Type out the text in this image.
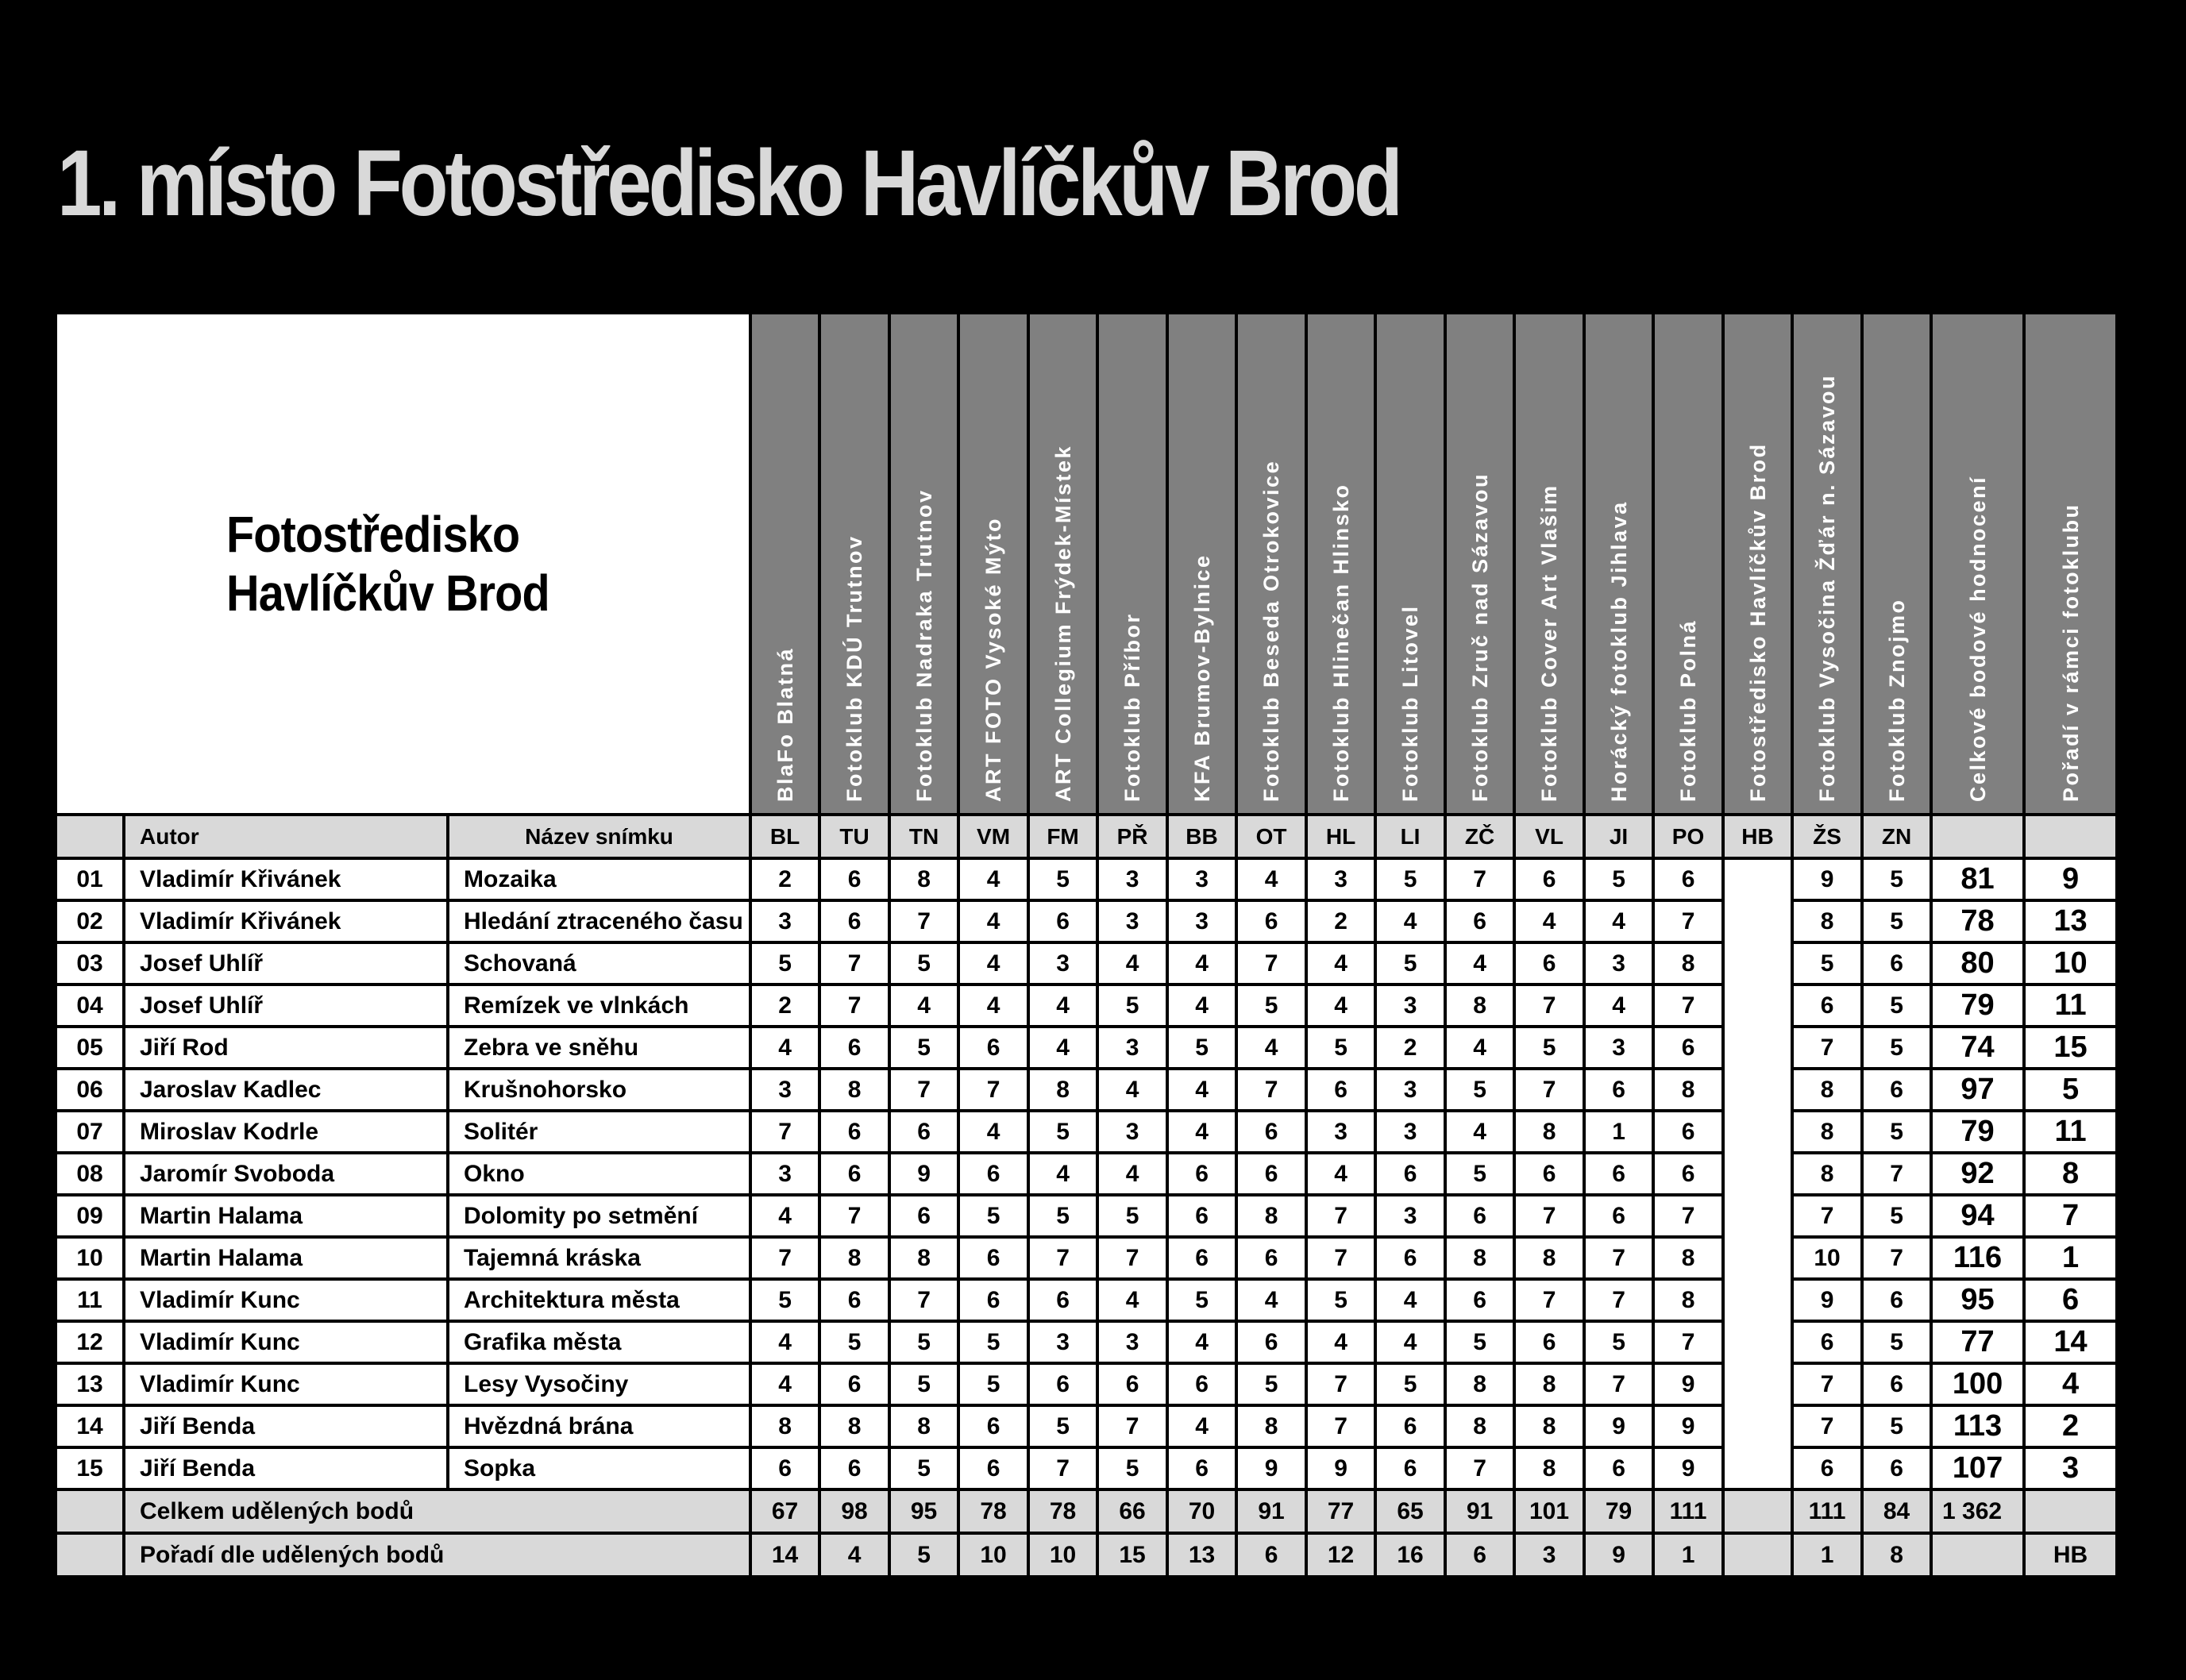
1. místo Fotostředisko Havlíčkův Brod
Fotostředisko
Havlíčkův Brod			BlaFo Blatná	Fotoklub KDÚ Trutnov	Fotoklub Nadraka Trutnov	ART FOTO Vysoké Mýto	ART Collegium Frýdek-Místek	Fotoklub Příbor	KFA Brumov-Bylnice	Fotoklub Beseda Otrokovice	Fotoklub Hlinečan Hlinsko	Fotoklub Litovel	Fotoklub Zruč nad Sázavou	Fotoklub Cover Art Vlašim	Horácký fotoklub Jihlava	Fotoklub Polná	Fotostředisko Havlíčkův Brod	Fotoklub Vysočina Žďár n. Sázavou	Fotoklub Znojmo	Celkové bodové hodnocení	Pořadí v rámci fotoklubu

	Autor	Název snímku	BL	TU	TN	VM	FM	PŘ	BB	OT	HL	LI	ZČ	VL	JI	PO	HB	ŽS	ZN		
01	Vladimír Křivánek	Mozaika	2	6	8	4	5	3	3	4	3	5	7	6	5	6		9	5	81	9
02	Vladimír Křivánek	Hledání ztraceného času	3	6	7	4	6	3	3	6	2	4	6	4	4	7		8	5	78	13
03	Josef Uhlíř	Schovaná	5	7	5	4	3	4	4	7	4	5	4	6	3	8		5	6	80	10
04	Josef Uhlíř	Remízek ve vlnkách	2	7	4	4	4	5	4	5	4	3	8	7	4	7		6	5	79	11
05	Jiří Rod	Zebra ve sněhu	4	6	5	6	4	3	5	4	5	2	4	5	3	6		7	5	74	15
06	Jaroslav Kadlec	Krušnohorsko	3	8	7	7	8	4	4	7	6	3	5	7	6	8		8	6	97	5
07	Miroslav Kodrle	Solitér	7	6	6	4	5	3	4	6	3	3	4	8	1	6		8	5	79	11
08	Jaromír Svoboda	Okno	3	6	9	6	4	4	6	6	4	6	5	6	6	6		8	7	92	8
09	Martin Halama	Dolomity po setmění	4	7	6	5	5	5	6	8	7	3	6	7	6	7		7	5	94	7
10	Martin Halama	Tajemná kráska	7	8	8	6	7	7	6	6	7	6	8	8	7	8		10	7	116	1
11	Vladimír Kunc	Architektura města	5	6	7	6	6	4	5	4	5	4	6	7	7	8		9	6	95	6
12	Vladimír Kunc	Grafika města	4	5	5	5	3	3	4	6	4	4	5	6	5	7		6	5	77	14
13	Vladimír Kunc	Lesy Vysočiny	4	6	5	5	6	6	6	5	7	5	8	8	7	9		7	6	100	4
14	Jiří Benda	Hvězdná brána	8	8	8	6	5	7	4	8	7	6	8	8	9	9		7	5	113	2
15	Jiří Benda	Sopka	6	6	5	6	7	5	6	9	9	6	7	8	6	9		6	6	107	3
	Celkem udělených bodů		67	98	95	78	78	66	70	91	77	65	91	101	79	111		111	84	1 362	
	Pořadí dle udělených bodů		14	4	5	10	10	15	13	6	12	16	6	3	9	1		1	8		HB
